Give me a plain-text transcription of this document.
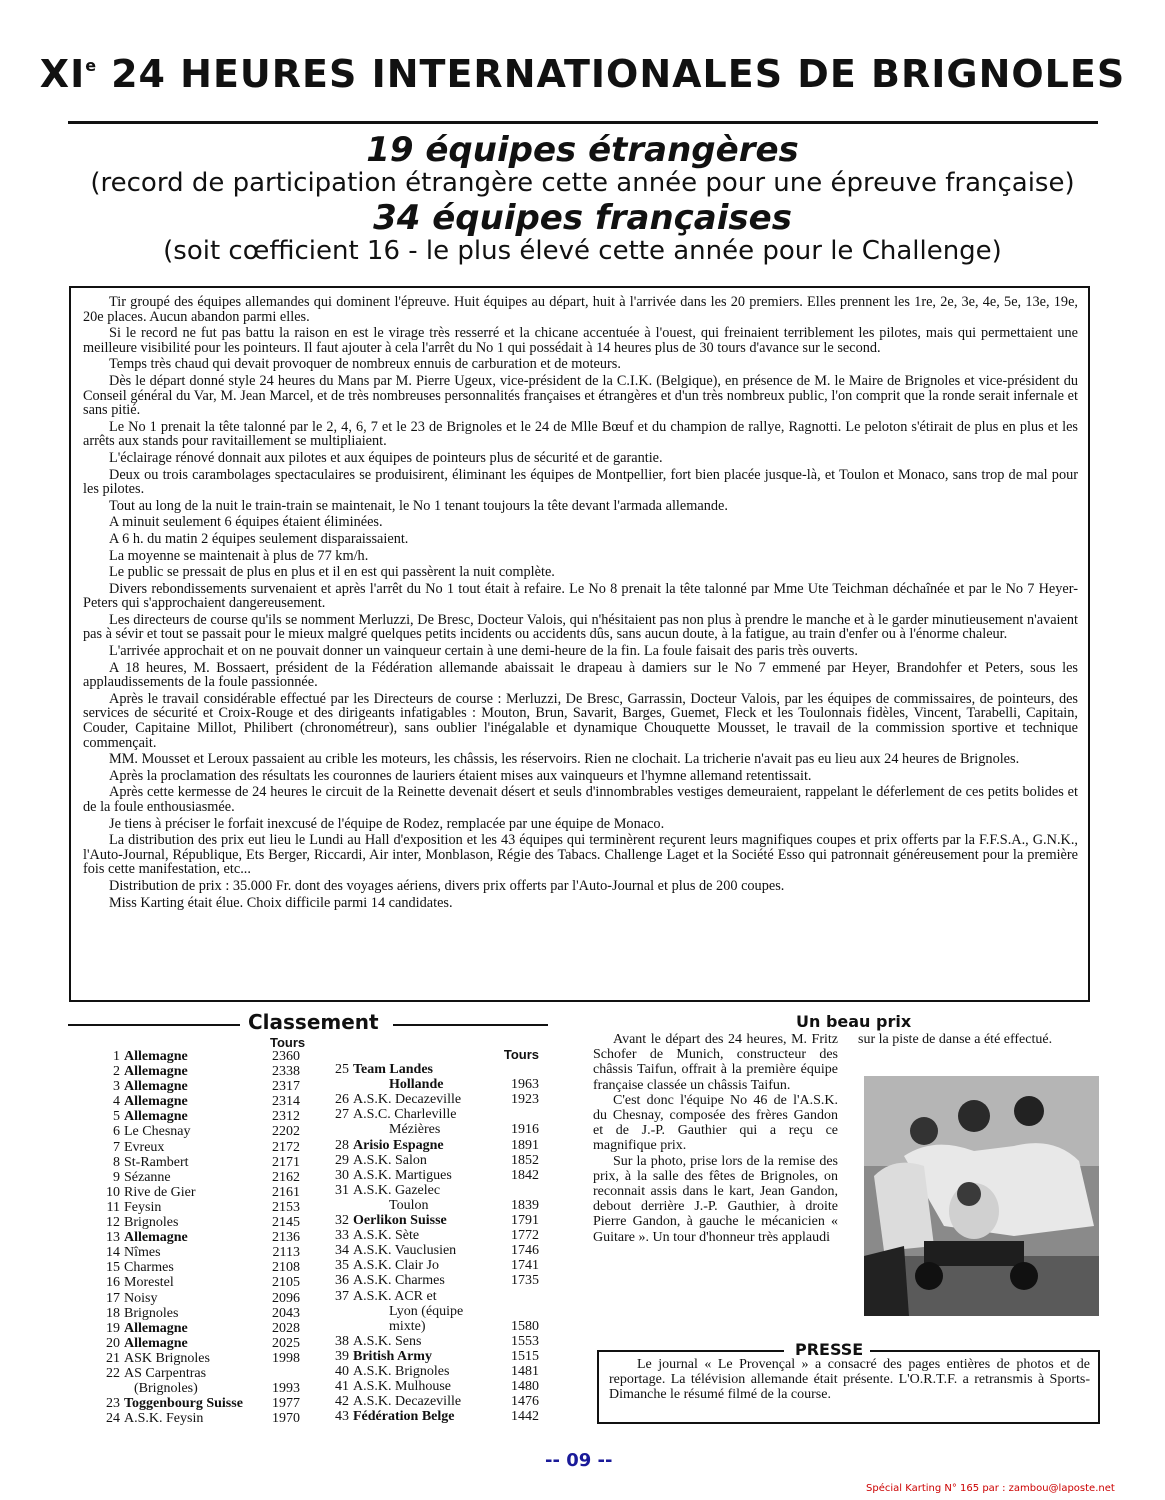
XIe 24 HEURES INTERNATIONALES DE BRIGNOLES
19 équipes étrangères
(record de participation étrangère cette année pour une épreuve française)
34 équipes françaises
(soit cœfficient 16 - le plus élevé cette année pour le Challenge)

Tir groupé des équipes allemandes qui dominent l'épreuve. Huit équipes au départ, huit à l'arrivée dans les 20 premiers. Elles prennent les 1re, 2e, 3e, 4e, 5e, 13e, 19e, 20e places. Aucun abandon parmi elles.

Si le record ne fut pas battu la raison en est le virage très resserré et la chicane accentuée à l'ouest, qui freinaient terriblement les pilotes, mais qui permettaient une meilleure visibilité pour les pointeurs. Il faut ajouter à cela l'arrêt du No 1 qui possédait à 14 heures plus de 30 tours d'avance sur le second.

Temps très chaud qui devait provoquer de nombreux ennuis de carburation et de moteurs.

Dès le départ donné style 24 heures du Mans par M. Pierre Ugeux, vice-président de la C.I.K. (Belgique), en présence de M. le Maire de Brignoles et vice-président du Conseil général du Var, M. Jean Marcel, et de très nombreuses personnalités françaises et étrangères et d'un très nombreux public, l'on comprit que la ronde serait infernale et sans pitié.

Le No 1 prenait la tête talonné par le 2, 4, 6, 7 et le 23 de Brignoles et le 24 de Mlle Bœuf et du champion de rallye, Ragnotti. Le peloton s'étirait de plus en plus et les arrêts aux stands pour ravitaillement se multipliaient.

L'éclairage rénové donnait aux pilotes et aux équipes de pointeurs plus de sécurité et de garantie.

Deux ou trois carambolages spectaculaires se produisirent, éliminant les équipes de Montpellier, fort bien placée jusque-là, et Toulon et Monaco, sans trop de mal pour les pilotes.

Tout au long de la nuit le train-train se maintenait, le No 1 tenant toujours la tête devant l'armada allemande.

A minuit seulement 6 équipes étaient éliminées.

A 6 h. du matin 2 équipes seulement disparaissaient.

La moyenne se maintenait à plus de 77 km/h.

Le public se pressait de plus en plus et il en est qui passèrent la nuit complète.

Divers rebondissements survenaient et après l'arrêt du No 1 tout était à refaire. Le No 8 prenait la tête talonné par Mme Ute Teichman déchaînée et par le No 7 Heyer-Peters qui s'approchaient dangereusement.

Les directeurs de course qu'ils se nomment Merluzzi, De Bresc, Docteur Valois, qui n'hésitaient pas non plus à prendre le manche et à le garder minutieusement n'avaient pas à sévir et tout se passait pour le mieux malgré quelques petits incidents ou accidents dûs, sans aucun doute, à la fatigue, au train d'enfer ou à l'énorme chaleur.

L'arrivée approchait et on ne pouvait donner un vainqueur certain à une demi-heure de la fin. La foule faisait des paris très ouverts.

A 18 heures, M. Bossaert, président de la Fédération allemande abaissait le drapeau à damiers sur le No 7 emmené par Heyer, Brandohfer et Peters, sous les applaudissements de la foule passionnée.

Après le travail considérable effectué par les Directeurs de course : Merluzzi, De Bresc, Garrassin, Docteur Valois, par les équipes de commissaires, de pointeurs, des services de sécurité et Croix-Rouge et des dirigeants infatigables : Mouton, Brun, Savarit, Barges, Guemet, Fleck et les Toulonnais fidèles, Vincent, Tarabelli, Capitain, Couder, Capitaine Millot, Philibert (chronométreur), sans oublier l'inégalable et dynamique Chouquette Mousset, le travail de la commission sportive et technique commençait.

MM. Mousset et Leroux passaient au crible les moteurs, les châssis, les réservoirs. Rien ne clochait. La tricherie n'avait pas eu lieu aux 24 heures de Brignoles.

Après la proclamation des résultats les couronnes de lauriers étaient mises aux vainqueurs et l'hymne allemand retentissait.

Après cette kermesse de 24 heures le circuit de la Reinette devenait désert et seuls d'innombrables vestiges demeuraient, rappelant le déferlement de ces petits bolides et de la foule enthousiasmée.

Je tiens à préciser le forfait inexcusé de l'équipe de Rodez, remplacée par une équipe de Monaco.

La distribution des prix eut lieu le Lundi au Hall d'exposition et les 43 équipes qui terminèrent reçurent leurs magnifiques coupes et prix offerts par la F.F.S.A., G.N.K., l'Auto-Journal, République, Ets Berger, Riccardi, Air inter, Monblason, Régie des Tabacs. Challenge Laget et la Société Esso qui patronnait généreusement pour la première fois cette manifestation, etc...

Distribution de prix : 35.000 Fr. dont des voyages aériens, divers prix offerts par l'Auto-Journal et plus de 200 coupes.

Miss Karting était élue. Choix difficile parmi 14 candidates.

Classement
Tours
1 Allemagne	2360
2 Allemagne	2338
3 Allemagne	2317
4 Allemagne	2314
5 Allemagne	2312
6 Le Chesnay	2202
7 Evreux	2172
8 St-Rambert	2171
9 Sézanne	2162
10 Rive de Gier	2161
11 Feysin	2153
12 Brignoles	2145
13 Allemagne	2136
14 Nîmes	2113
15 Charmes	2108
16 Morestel	2105
17 Noisy	2096
18 Brignoles	2043
19 Allemagne	2028
20 Allemagne	2025
21 ASK Brignoles	1998
22 AS Carpentras
(Brignoles)	1993
23 Toggenbourg Suisse 1977
24 A.S.K. Feysin	1970
Tours
25 Team Landes
Hollande	1963
26 A.S.K. Decazeville	1923
27 A.S.C. Charleville
Mézières	1916
28 Arisio Espagne	1891
29 A.S.K. Salon	1852
30 A.S.K. Martigues	1842
31 A.S.K. Gazelec
Toulon	1839
32 Oerlikon Suisse	1791
33 A.S.K. Sète	1772
34 A.S.K. Vauclusien	1746
35 A.S.K. Clair Jo	1741
36 A.S.K. Charmes	1735
37 A.S.K. ACR et
Lyon (équipe
mixte)	1580
38 A.S.K. Sens	1553
39 British Army	1515
40 A.S.K. Brignoles	1481
41 A.S.K. Mulhouse	1480
42 A.S.K. Decazeville	1476
43 Fédération Belge	1442
Un beau prix

Avant le départ des 24 heures, M. Fritz Schofer de Munich, constructeur des châssis Taifun, offrait à la première équipe française classée un châssis Taifun.

C'est donc l'équipe No 46 de l'A.S.K. du Chesnay, composée des frères Gandon et de J.-P. Gauthier qui a reçu ce magnifique prix.

Sur la photo, prise lors de la remise des prix, à la salle des fêtes de Brignoles, on reconnait assis dans le kart, Jean Gandon, debout derrière J.-P. Gauthier, à droite Pierre Gandon, à gauche le mécanicien « Guitare ». Un tour d'honneur très applaudi

sur la piste de danse a été effectué.
PRESSE

Le journal « Le Provençal » a consacré des pages entières de photos et de reportage. La télévision allemande était présente. L'O.R.T.F. a retransmis à Sports-Dimanche le résumé filmé de la course.

-- 09 --
Spécial Karting N° 165 par : zambou@laposte.net
